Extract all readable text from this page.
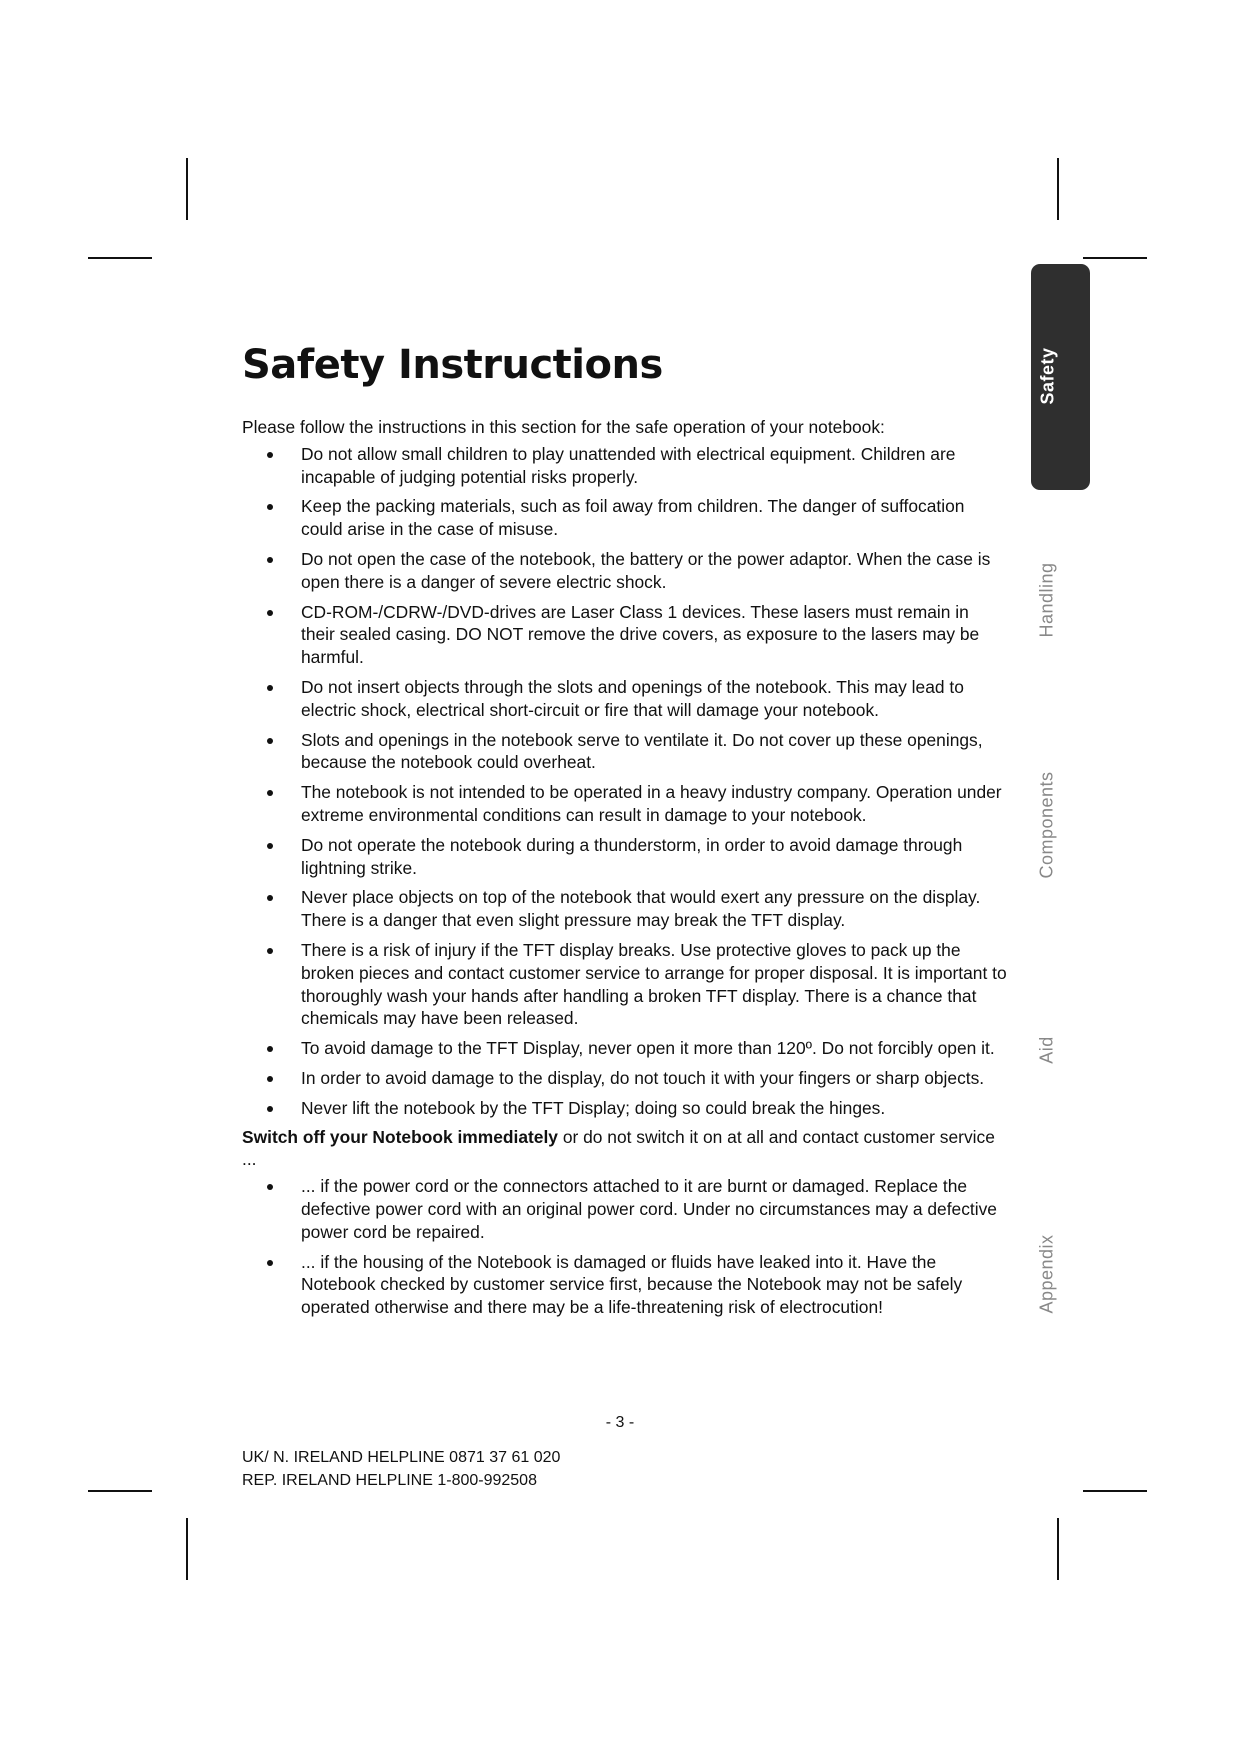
Safety Instructions

Please follow the instructions in this section for the safe operation of your notebook:

Do not allow small children to play unattended with electrical equipment. Children are incapable of judging potential risks properly.
Keep the packing materials, such as foil away from children. The danger of suffocation could arise in the case of misuse.
Do not open the case of the notebook, the battery or the power adaptor. When the case is open there is a danger of severe electric shock.
CD-ROM-/CDRW-/DVD-drives are Laser Class 1 devices. These lasers must remain in their sealed casing. DO NOT remove the drive covers, as exposure to the lasers may be harmful.
Do not insert objects through the slots and openings of the notebook. This may lead to electric shock, electrical short-circuit or fire that will damage your notebook.
Slots and openings in the notebook serve to ventilate it. Do not cover up these openings, because the notebook could overheat.
The notebook is not intended to be operated in a heavy industry company. Operation under extreme environmental conditions can result in damage to your notebook.
Do not operate the notebook during a thunderstorm, in order to avoid damage through lightning strike.
Never place objects on top of the notebook that would exert any pressure on the display. There is a danger that even slight pressure may break the TFT display.
There is a risk of injury if the TFT display breaks. Use protective gloves to pack up the broken pieces and contact customer service to arrange for proper disposal. It is important to thoroughly wash your hands after handling a broken TFT display. There is a chance that chemicals may have been released.
To avoid damage to the TFT Display, never open it more than 120º. Do not forcibly open it.
In order to avoid damage to the display, do not touch it with your fingers or sharp objects.
Never lift the notebook by the TFT Display; doing so could break the hinges.

Switch off your Notebook immediately or do not switch it on at all and contact customer service ...

... if the power cord or the connectors attached to it are burnt or damaged. Replace the defective power cord with an original power cord. Under no circumstances may a defective power cord be repaired.
... if the housing of the Notebook is damaged or fluids have leaked into it. Have the Notebook checked by customer service first, because the Notebook may not be safely operated otherwise and there may be a life-threatening risk of electrocution!
- 3 -
UK/ N. IRELAND HELPLINE 0871 37 61 020
REP. IRELAND HELPLINE 1-800-992508
Safety
Handling
Components
Aid
Appendix
